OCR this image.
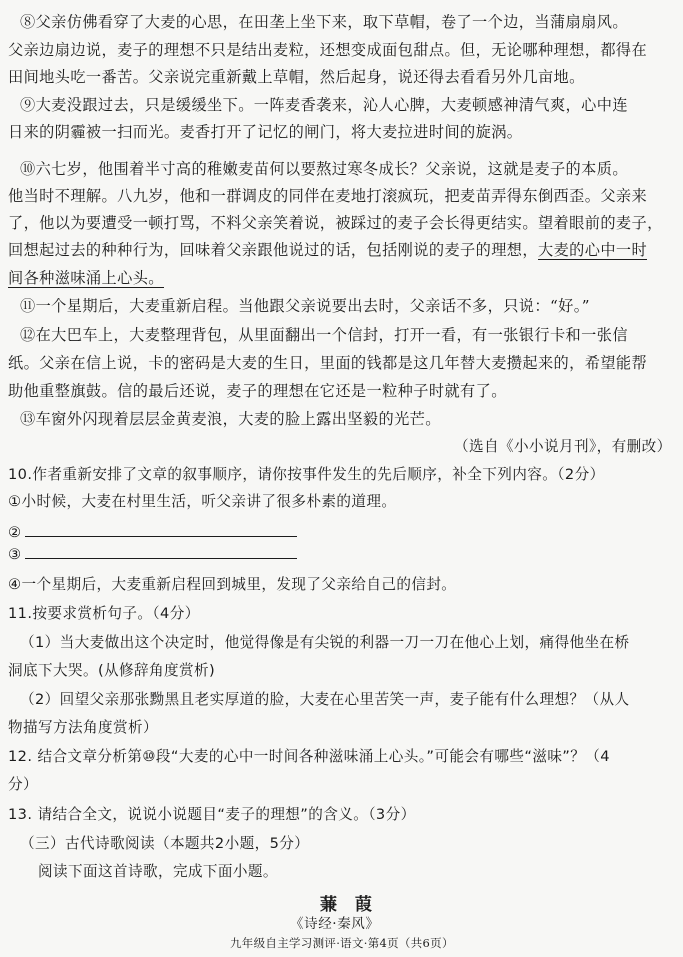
⑧父亲仿佛看穿了大麦的心思，在田垄上坐下来，取下草帽，卷了一个边，当蒲扇扇风。
父亲边扇边说，麦子的理想不只是结出麦粒，还想变成面包甜点。但，无论哪种理想，都得在
田间地头吃一番苦。父亲说完重新戴上草帽，然后起身，说还得去看看另外几亩地。
⑨大麦没跟过去，只是缓缓坐下。一阵麦香袭来，沁人心脾，大麦顿感神清气爽，心中连
日来的阴霾被一扫而光。麦香打开了记忆的闸门，将大麦拉进时间的旋涡。
⑩六七岁，他围着半寸高的稚嫩麦苗何以要熬过寒冬成长？父亲说，这就是麦子的本质。
他当时不理解。八九岁，他和一群调皮的同伴在麦地打滚疯玩，把麦苗弄得东倒西歪。父亲来
了，他以为要遭受一顿打骂，不料父亲笑着说，被踩过的麦子会长得更结实。望着眼前的麦子，
回想起过去的种种行为，回味着父亲跟他说过的话，包括刚说的麦子的理想，大麦的心中一时
间各种滋味涌上心头。
⑪一个星期后，大麦重新启程。当他跟父亲说要出去时，父亲话不多，只说：“好。”
⑫在大巴车上，大麦整理背包，从里面翻出一个信封，打开一看，有一张银行卡和一张信
纸。父亲在信上说，卡的密码是大麦的生日，里面的钱都是这几年替大麦攒起来的，希望能帮
助他重整旗鼓。信的最后还说，麦子的理想在它还是一粒种子时就有了。
⑬车窗外闪现着层层金黄麦浪，大麦的脸上露出坚毅的光芒。
（选自《小小说月刊》，有删改）
10.作者重新安排了文章的叙事顺序，请你按事件发生的先后顺序，补全下列内容。（2分）
①小时候，大麦在村里生活，听父亲讲了很多朴素的道理。
②
③
④一个星期后，大麦重新启程回到城里，发现了父亲给自己的信封。
11.按要求赏析句子。（4分）
（1）当大麦做出这个决定时，他觉得像是有尖锐的利器一刀一刀在他心上划，痛得他坐在桥
洞底下大哭。(从修辞角度赏析)
（2）回望父亲那张黝黑且老实厚道的脸，大麦在心里苦笑一声，麦子能有什么理想？（从人
物描写方法角度赏析）
12. 结合文章分析第⑩段“大麦的心中一时间各种滋味涌上心头。”可能会有哪些“滋味”？（4
分）
13. 请结合全文，说说小说题目“麦子的理想”的含义。（3分）
（三）古代诗歌阅读（本题共2小题，5分）
阅读下面这首诗歌，完成下面小题。
蒹 葭
《诗经·秦风》
九年级自主学习测评·语文·第4页（共6页）
